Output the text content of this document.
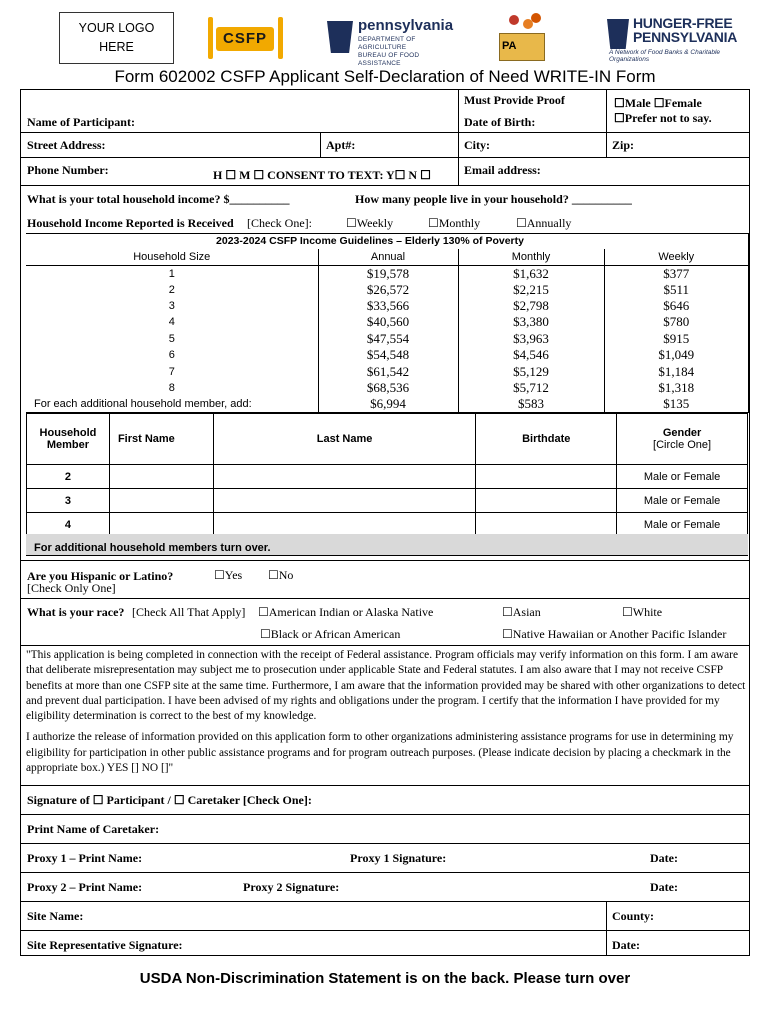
YOUR LOGO
HERE	CSFP
pennsylvania
DEPARTMENT OF AGRICULTURE
BUREAU OF FOOD ASSISTANCE
PA
HUNGER-FREE
PENNSYLVANIA
A Network of Food Banks & Charitable Organizations
Form 602002 CSFP Applicant Self-Declaration of Need WRITE-IN Form
Must Provide Proof
Name of Participant:	Date of Birth:
☐Male ☐Female
☐Prefer not to say.
Street Address:	Apt#:	City:	Zip:
Phone Number:	H ☐ M ☐ CONSENT TO TEXT: Y☐ N ☐	Email address:
What is your total household income? $__________	How many people live in your household? __________
Household Income Reported is Received [Check One]:	☐Weekly	☐Monthly	☐Annually
2023-2024 CSFP Income Guidelines – Elderly 130% of Poverty
Household Size	Annual	Monthly	Weekly
1	$19,578	$1,632	$377
2	$26,572	$2,215	$511
3	$33,566	$2,798	$646
4	$40,560	$3,380	$780
5	$47,554	$3,963	$915
6	$54,548	$4,546	$1,049
7	$61,542	$5,129	$1,184
8	$68,536	$5,712	$1,318
For each additional household member, add:	$6,994	$583	$135
Household Member	First Name	Last Name	Birthdate	Gender
[Circle One]

2				Male or Female
3				Male or Female
4				Male or Female
For additional household members turn over.
Are you Hispanic or Latino?
[Check Only One]
☐Yes ☐No
What is your race? [Check All That Apply] ☐American Indian or Alaska Native	☐Asian	☐White
☐Black or African American	☐Native Hawaiian or Another Pacific Islander

"This application is being completed in connection with the receipt of Federal assistance. Program officials may verify information on this form. I am aware that deliberate misrepresentation may subject me to prosecution under applicable State and Federal statutes. I am also aware that I may not receive CSFP benefits at more than one CSFP site at the same time. Furthermore, I am aware that the information provided may be shared with other organizations to detect and prevent dual participation. I have been advised of my rights and obligations under the program. I certify that the information I have provided for my eligibility determination is correct to the best of my knowledge.

I authorize the release of information provided on this application form to other organizations administering assistance programs for use in determining my eligibility for participation in other public assistance programs and for program outreach purposes. (Please indicate decision by placing a checkmark in the appropriate box.) YES [] NO []"

Signature of ☐ Participant / ☐ Caretaker [Check One]:
Print Name of Caretaker:
Proxy 1 – Print Name:	Proxy 1 Signature:	Date:
Proxy 2 – Print Name:	Proxy 2 Signature:	Date:
Site Name:	County:
Site Representative Signature:	Date:
USDA Non-Discrimination Statement is on the back. Please turn over
